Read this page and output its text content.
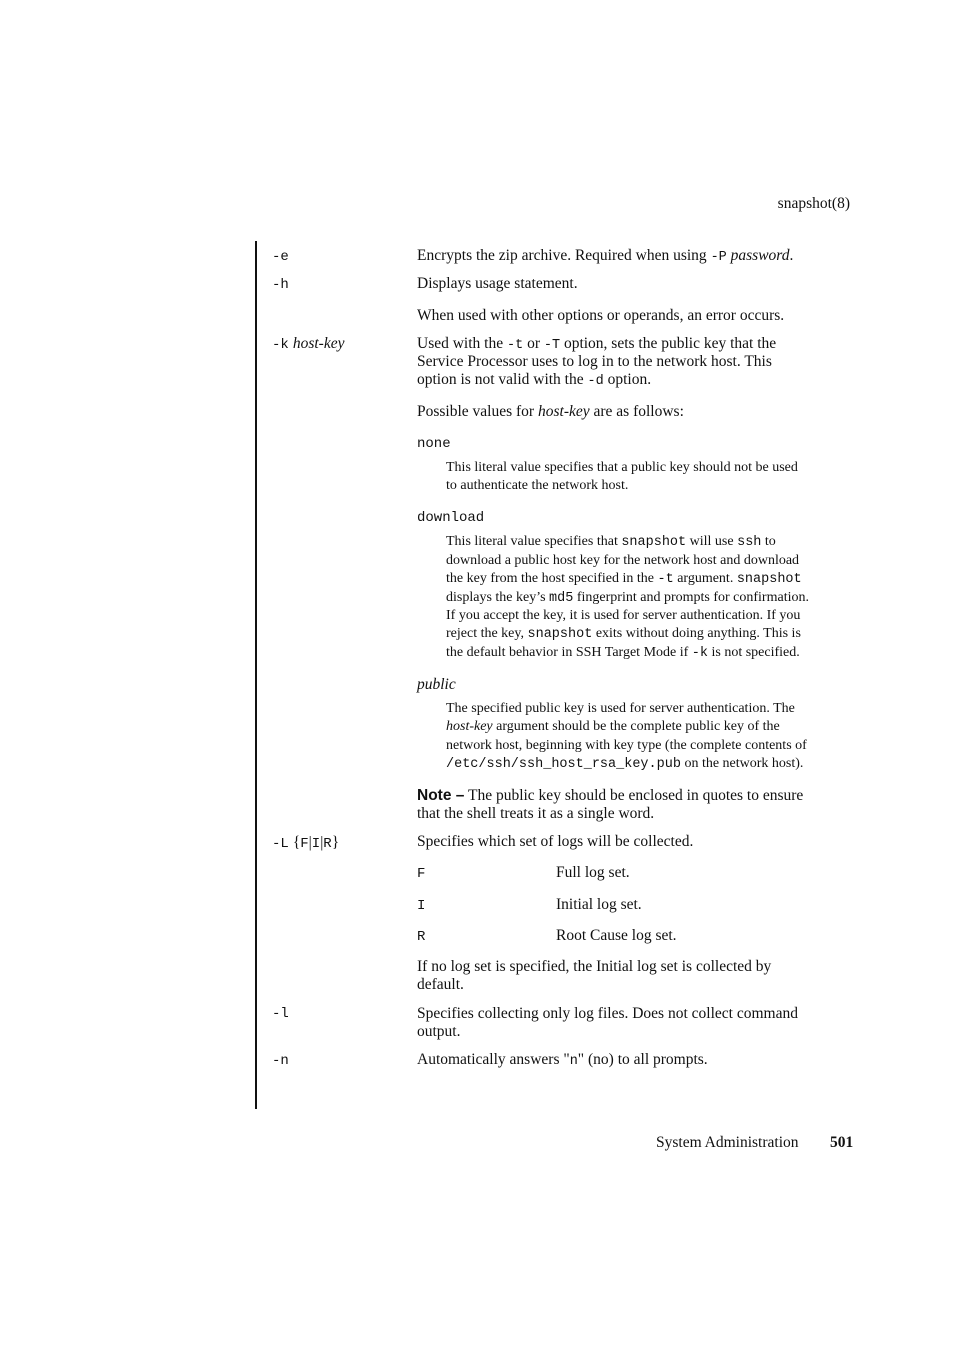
snapshot(8)
-e	Encrypts the zip archive. Required when using -P password.
-h	Displays usage statement.
When used with other options or operands, an error occurs.
-k host-key	Used with the -t or -T option, sets the public key that the
Service Processor uses to log in to the network host. This
option is not valid with the -d option.
Possible values for host-key are as follows:
none
This literal value specifies that a public key should not be used
to authenticate the network host.
download
This literal value specifies that snapshot will use ssh to
download a public host key for the network host and download
the key from the host specified in the -t argument. snapshot
displays the key’s md5 fingerprint and prompts for confirmation.
If you accept the key, it is used for server authentication. If you
reject the key, snapshot exits without doing anything. This is
the default behavior in SSH Target Mode if -k is not specified.
public
The specified public key is used for server authentication. The
host-key argument should be the complete public key of the
network host, beginning with key type (the complete contents of
/etc/ssh/ssh_host_rsa_key.pub on the network host).
Note – The public key should be enclosed in quotes to ensure
that the shell treats it as a single word.
-L {F|I|R}	Specifies which set of logs will be collected.
F	Full log set.
I	Initial log set.
R	Root Cause log set.
If no log set is specified, the Initial log set is collected by
default.
-l	Specifies collecting only log files. Does not collect command
output.
-n	Automatically answers "n" (no) to all prompts.
System Administration 501
